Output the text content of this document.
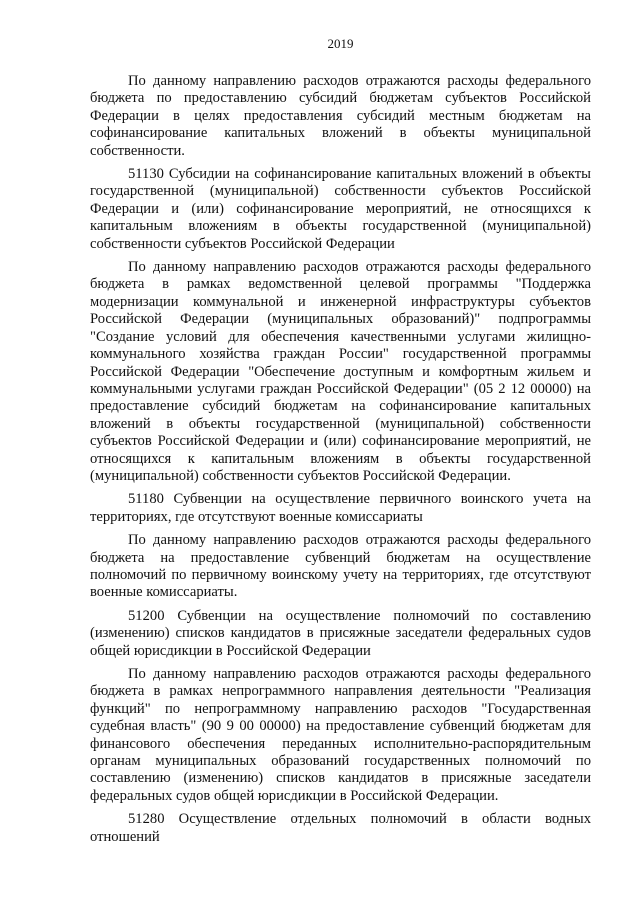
2019

По данному направлению расходов отражаются расходы федерального бюджета по предоставлению субсидий бюджетам субъектов Российской Федерации в целях предоставления субсидий местным бюджетам на софинансирование капитальных вложений в объекты муниципальной собственности.

51130 Субсидии на софинансирование капитальных вложений в объекты государственной (муниципальной) собственности субъектов Российской Федерации и (или) софинансирование мероприятий, не относящихся к капитальным вложениям в объекты государственной (муниципальной) собственности субъектов Российской Федерации

По данному направлению расходов отражаются расходы федерального бюджета в рамках ведомственной целевой программы "Поддержка модернизации коммунальной и инженерной инфраструктуры субъектов Российской Федерации (муниципальных образований)" подпрограммы "Создание условий для обеспечения качественными услугами жилищно-коммунального хозяйства граждан России" государственной программы Российской Федерации "Обеспечение доступным и комфортным жильем и коммунальными услугами граждан Российской Федерации" (05 2 12 00000) на предоставление субсидий бюджетам на софинансирование капитальных вложений в объекты государственной (муниципальной) собственности субъектов Российской Федерации и (или) софинансирование мероприятий, не относящихся к капитальным вложениям в объекты государственной (муниципальной) собственности субъектов Российской Федерации.

51180 Субвенции на осуществление первичного воинского учета на территориях, где отсутствуют военные комиссариаты

По данному направлению расходов отражаются расходы федерального бюджета на предоставление субвенций бюджетам на осуществление полномочий по первичному воинскому учету на территориях, где отсутствуют военные комиссариаты.

51200 Субвенции на осуществление полномочий по составлению (изменению) списков кандидатов в присяжные заседатели федеральных судов общей юрисдикции в Российской Федерации

По данному направлению расходов отражаются расходы федерального бюджета в рамках непрограммного направления деятельности "Реализация функций" по непрограммному направлению расходов "Государственная судебная власть" (90 9 00 00000) на предоставление субвенций бюджетам для финансового обеспечения переданных исполнительно-распорядительным органам муниципальных образований государственных полномочий по составлению (изменению) списков кандидатов в присяжные заседатели федеральных судов общей юрисдикции в Российской Федерации.

51280 Осуществление отдельных полномочий в области водных отношений
